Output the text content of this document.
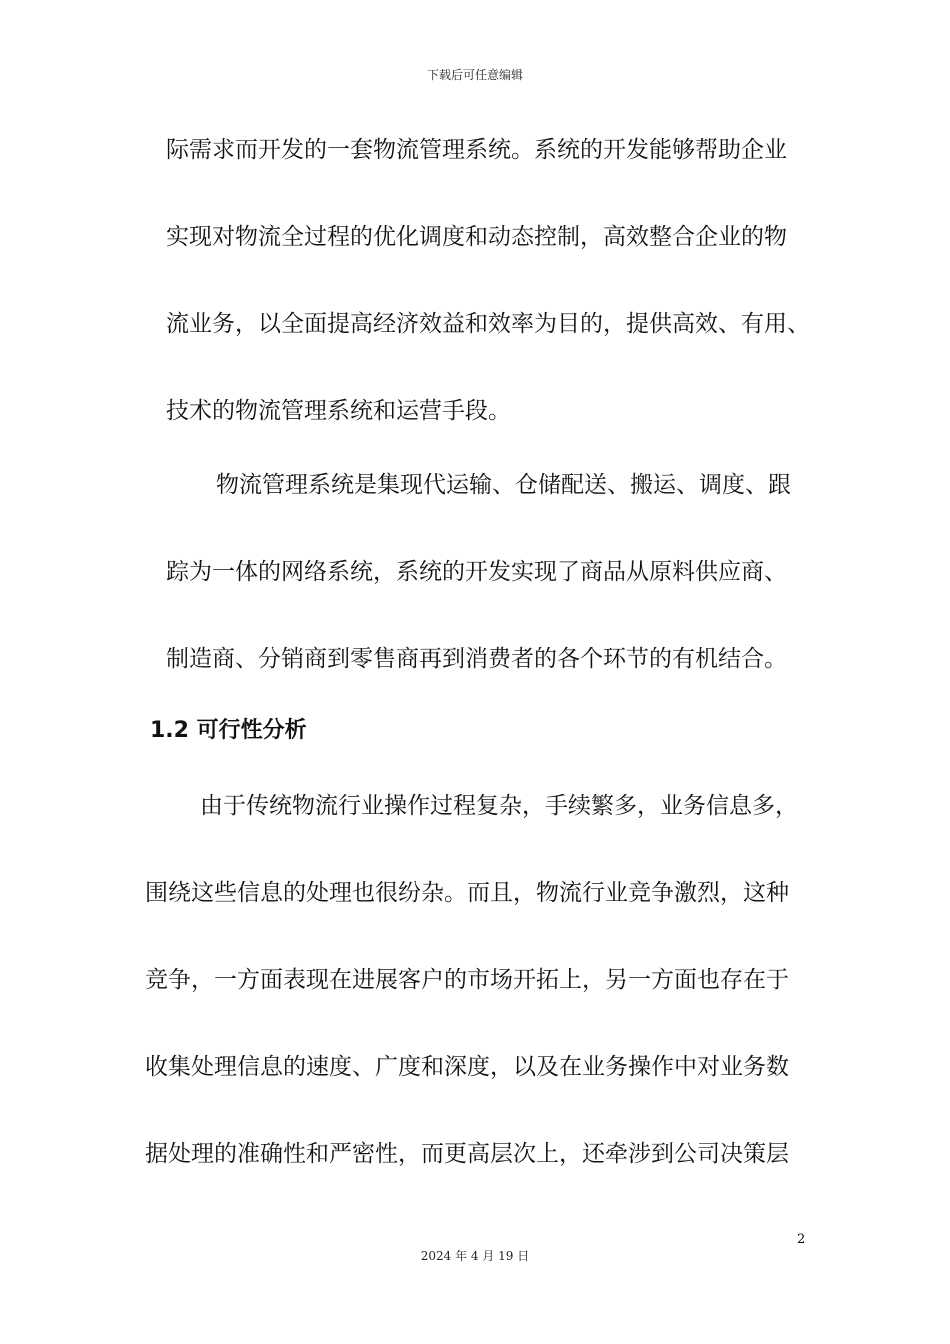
下载后可任意编辑
际需求而开发的一套物流管理系统。系统的开发能够帮助企业
实现对物流全过程的优化调度和动态控制，高效整合企业的物
流业务，以全面提高经济效益和效率为目的，提供高效、有用、
技术的物流管理系统和运营手段。
物流管理系统是集现代运输、仓储配送、搬运、调度、跟
踪为一体的网络系统，系统的开发实现了商品从原料供应商、
制造商、分销商到零售商再到消费者的各个环节的有机结合。
1.2 可行性分析
由于传统物流行业操作过程复杂，手续繁多，业务信息多，
围绕这些信息的处理也很纷杂。而且，物流行业竞争激烈，这种
竞争，一方面表现在进展客户的市场开拓上，另一方面也存在于
收集处理信息的速度、广度和深度，以及在业务操作中对业务数
据处理的准确性和严密性，而更高层次上，还牵涉到公司决策层
2
2024 年 4 月 19 日
